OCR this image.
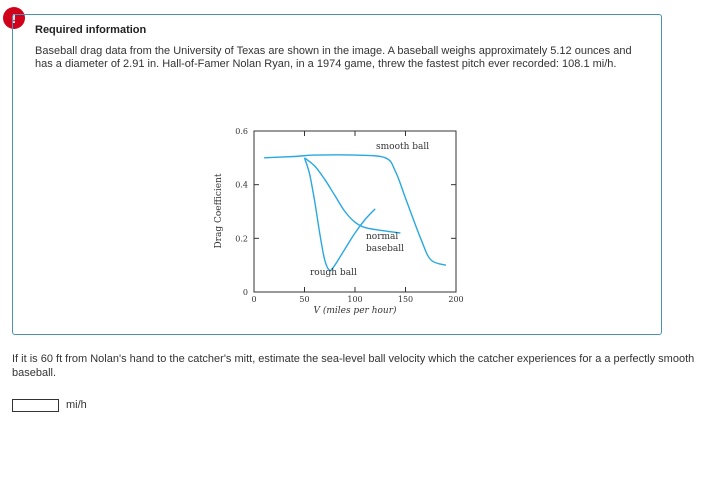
!
Required information
Baseball drag data from the University of Texas are shown in the image. A baseball weighs approximately 5.12 ounces and has a diameter of 2.91 in. Hall-of-Famer Nolan Ryan, in a 1974 game, threw the fastest pitch ever recorded: 108.1 mi/h.
0
0.2
0.4
0.6
0	50	100	150	200
Drag Coefficient
V (miles per hour)
smooth ball
rough ball
normal
baseball
If it is 60 ft from Nolan's hand to the catcher's mitt, estimate the sea-level ball velocity which the catcher experiences for a a perfectly smooth baseball.
mi/h
